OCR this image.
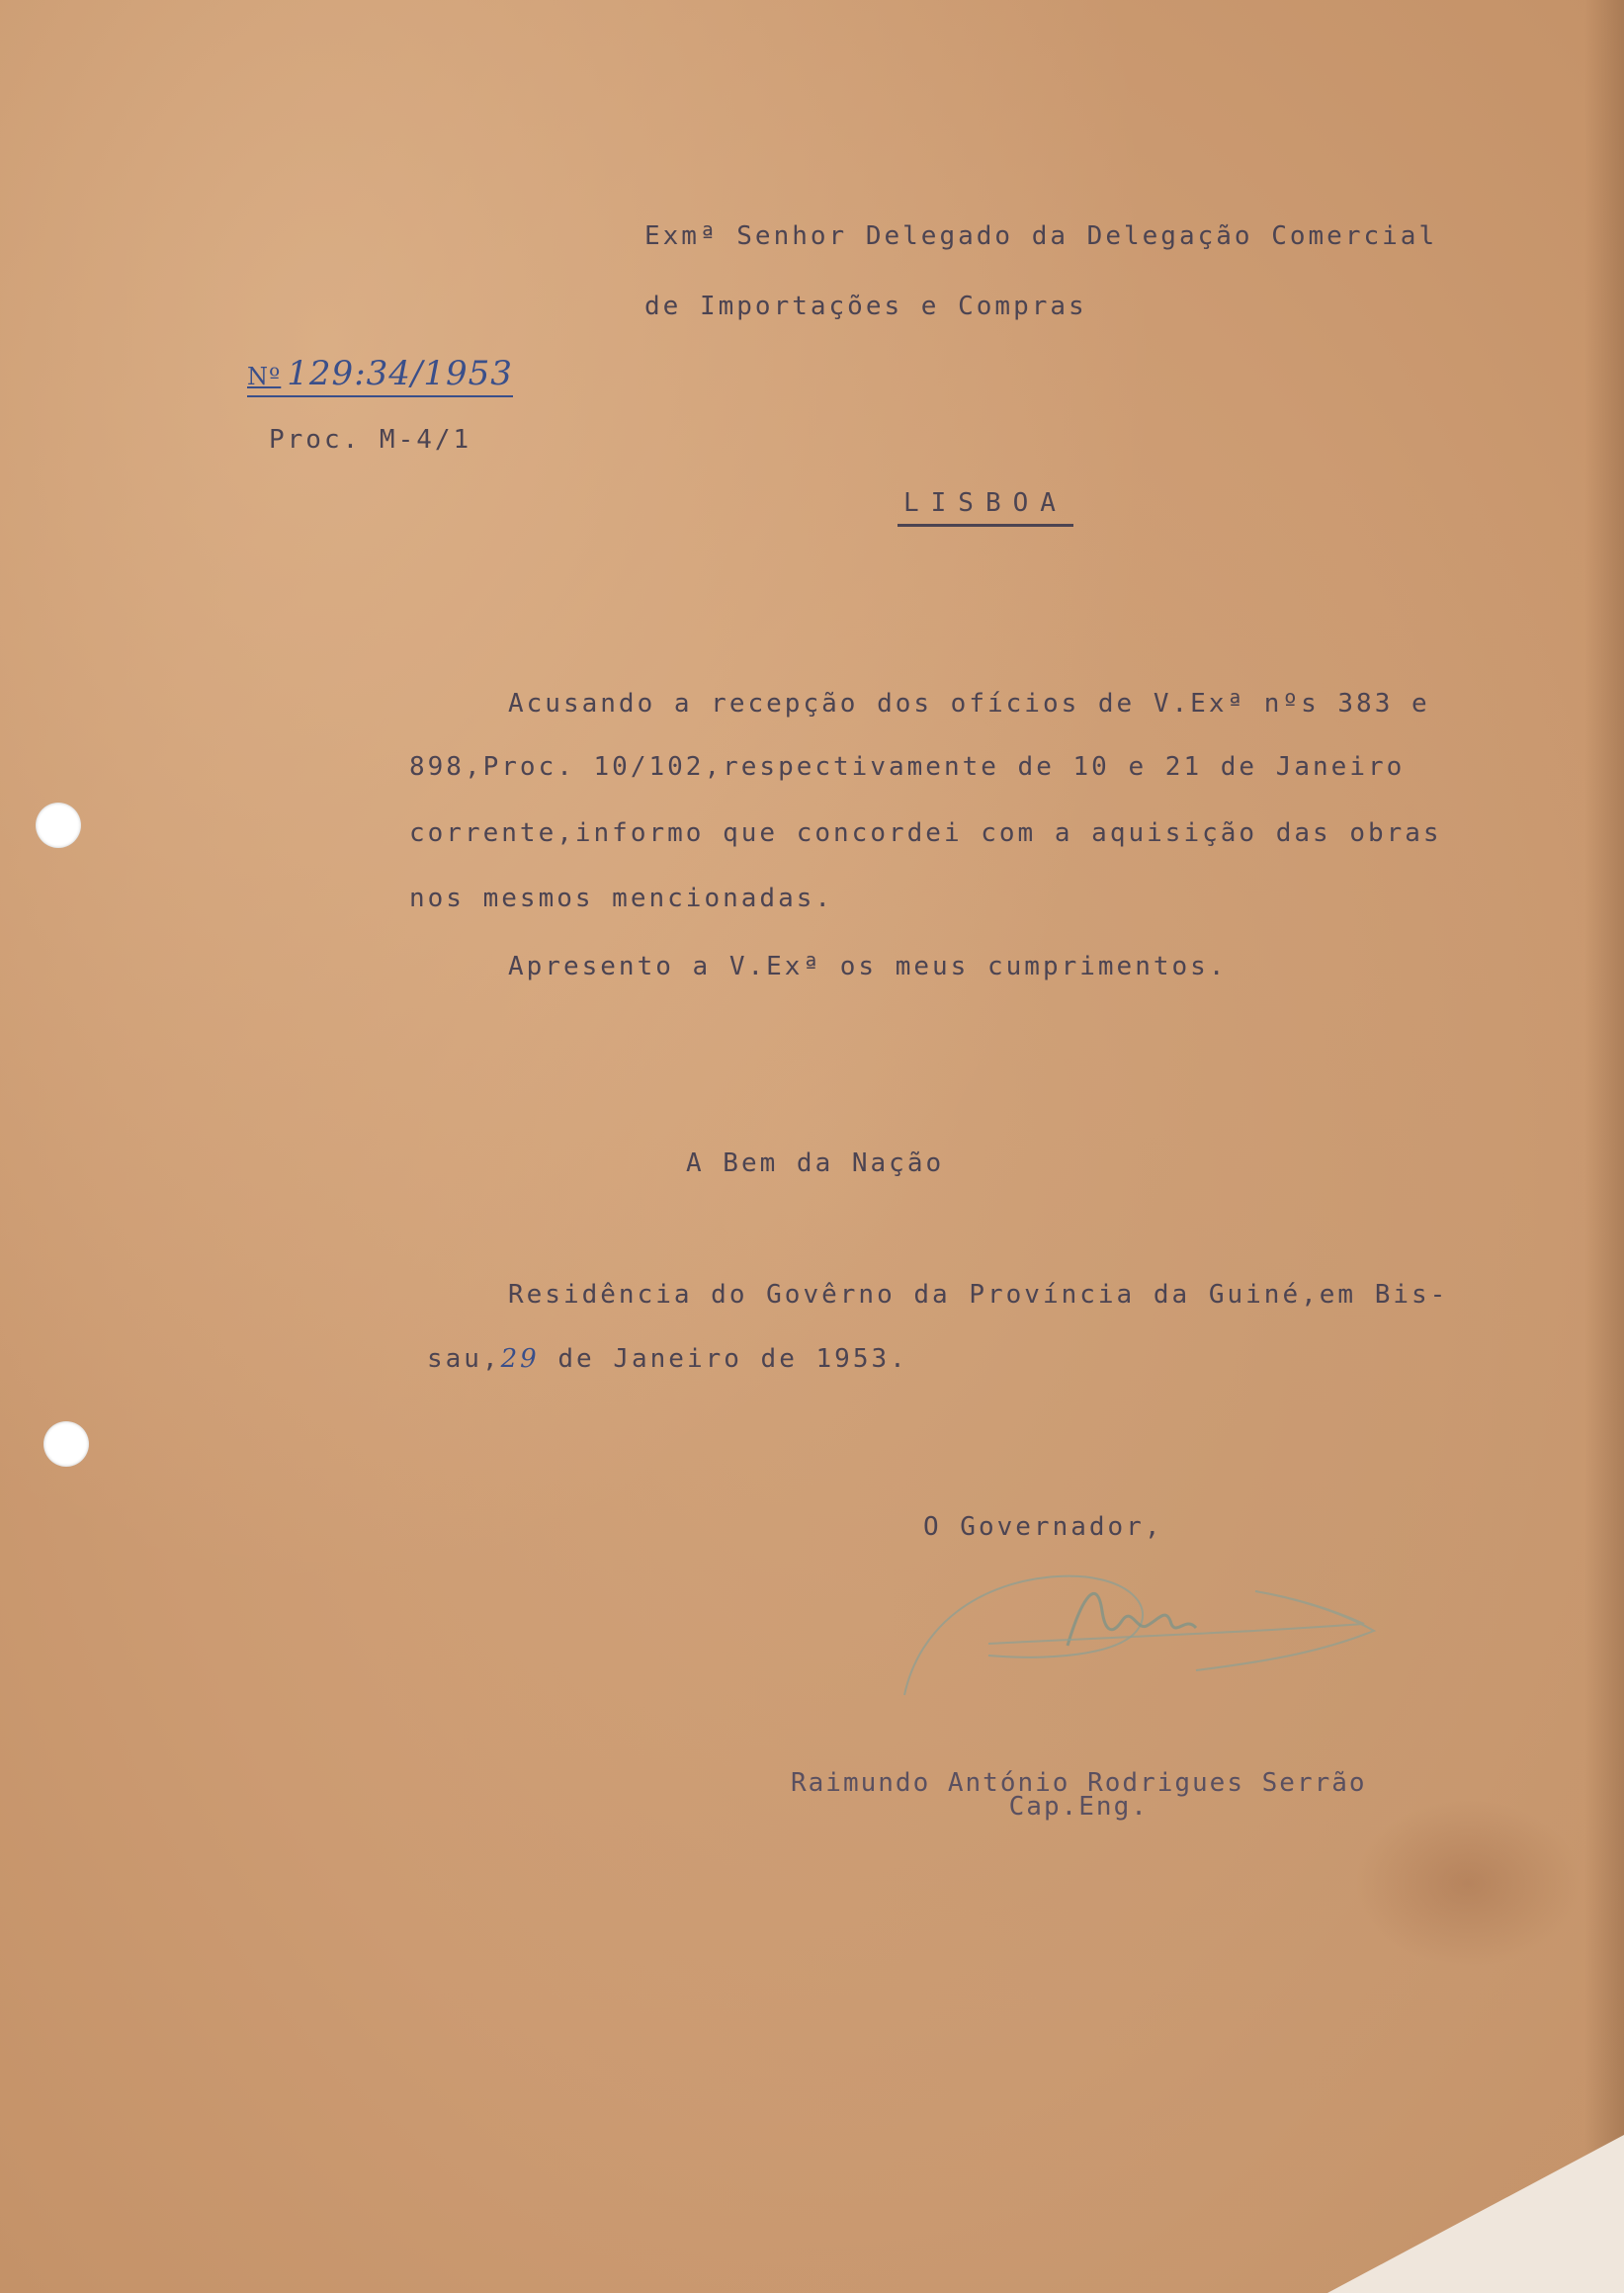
Exmª Senhor Delegado da Delegação Comercial
de Importações e Compras
Nº 129:34/1953
Proc. M-4/1
LISBOA
Acusando a recepção dos ofícios de V.Exª nºs 383 e
898,Proc. 10/102,respectivamente de 10 e 21 de Janeiro
corrente,informo que concordei com a aquisição das obras
nos mesmos mencionadas.
Apresento a V.Exª os meus cumprimentos.
A Bem da Nação
Residência do Govêrno da Província da Guiné,em Bis-
sau,29 de Janeiro de 1953.
O Governador,
Raimundo António Rodrigues Serrão
Cap.Eng.
